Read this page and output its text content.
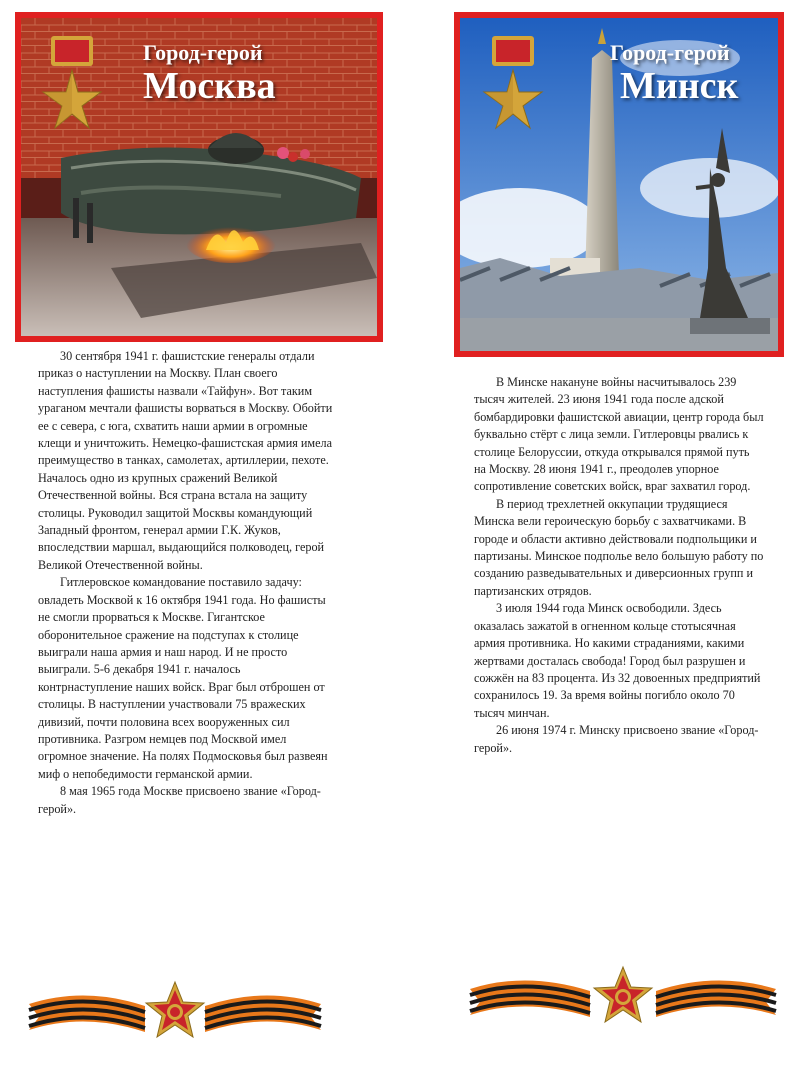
Город-герой
Москва
Город-герой
Минск

30 сентября 1941 г. фашистские генералы отдали приказ о наступлении на Москву. План своего наступления фашисты назвали «Тайфун». Вот таким ураганом мечтали фашисты ворваться в Москву. Обойти ее с севера, с юга, схватить наши армии в огромные клещи и уничтожить. Немецко-фашистская армия имела преимущество в танках, самолетах, артиллерии, пехоте. Началось одно из крупных сражений Великой Отечественной войны. Вся страна встала на защиту столицы. Руководил защитой Москвы командующий Западный фронтом, генерал армии Г.К. Жуков, впоследствии маршал, выдающийся полководец, герой Великой Отечественной войны.

Гитлеровское командование поставило задачу: овладеть Москвой к 16 октября 1941 года. Но фашисты не смогли прорваться к Москве. Гигантское оборонительное сражение на подступах к столице выиграли наша армия и наш народ. И не просто выиграли. 5-6 декабря 1941 г. началось контрнаступление наших войск. Враг был отброшен от столицы. В наступлении участвовали 75 вражеских дивизий, почти половина всех вооруженных сил противника. Разгром немцев под Москвой имел огромное значение. На полях Подмосковья был развеян миф о непобедимости германской армии.

8 мая 1965 года Москве присвоено звание «Город-герой».

В Минске накануне войны насчитывалось 239 тысяч жителей. 23 июня 1941 года после адской бомбардировки фашистской авиации, центр города был буквально стёрт с лица земли. Гитлеровцы рвались к столице Белоруссии, откуда открывался прямой путь на Москву. 28 июня 1941 г., преодолев упорное сопротивление советских войск, враг захватил город.

В период трехлетней оккупации трудящиеся Минска вели героическую борьбу с захватчиками. В городе и области активно действовали подпольщики и партизаны. Минское подполье вело большую работу по созданию разведывательных и диверсионных групп и партизанских отрядов.

3 июля 1944 года Минск освободили. Здесь оказалась зажатой в огненном кольце стотысячная армия противника. Но какими страданиями, какими жертвами досталась свобода! Город был разрушен и сожжён на 83 процента. Из 32 довоенных предприятий сохранилось 19. За время войны погибло около 70 тысяч минчан.

26 июня 1974 г. Минску присвоено звание «Город-герой».
